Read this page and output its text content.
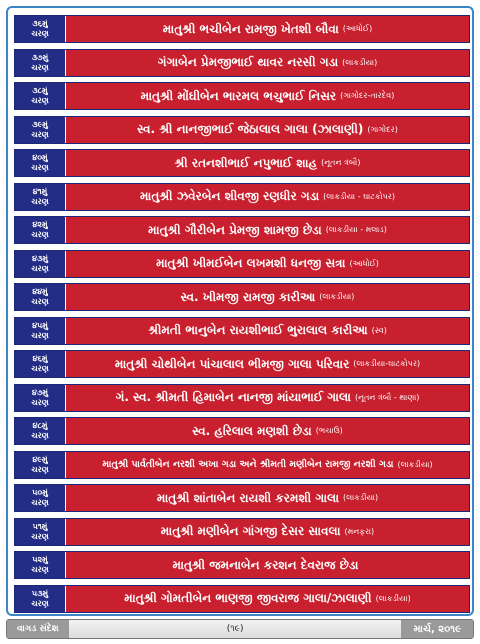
૩૬મું
ચરણ	માતુશ્રી ભચીબેન રામજી ખેતશી બૌવા (આધોઈ)
૩૭મું
ચરણ	ગંગાબેન પ્રેમજીભાઈ થાવર નરસી ગડા (લાકડીયા)
૩૮મું
ચરણ	માતુશ્રી મોંઘીબેન ભારમલ ભચુભાઈ નિસર (ગાગોદર-તારદેવ)
૩૯મું
ચરણ	સ્વ. શ્રી નાનજીભાઈ જેઠાલાલ ગાલા (ઝાલાણી) (ગાગોદર)
૪૦મું
ચરણ	શ્રી રતનશીભાઈ નપુભાઈ શાહ (નૂતન ત્રંબૌ)
૪૧મું
ચરણ	માતુશ્રી ઝવેરબેન શીવજી રણધીર ગડા (લાકડીયા - ઘાટકોપર)
૪૨મું
ચરણ	માતુશ્રી ગૌરીબેન પ્રેમજી શામજી છેડા (લાકડીયા - મલાડ)
૪૩મું
ચરણ	માતુશ્રી ખીમઈબેન લખમશી ધનજી સત્રા (આધોઈ)
૪૪મું
ચરણ	સ્વ. ખીમજી રામજી કારીઆ (લાકડીયા)
૪૫મું
ચરણ	શ્રીમતી ભાનુબેન રાયશીભાઈ ભુરાલાલ કારીઆ (સ્વ)
૪૬મું
ચરણ	માતુશ્રી ચોથીબેન પાંચાલાલ ભીમજી ગાલા પરિવાર (લાકડીયા-ઘાટકોપર)
૪૭મું
ચરણ	ગં. સ્વ. શ્રીમતી હિમાબેન નાનજી માંયાભાઈ ગાલા (નૂતન ત્રંબૌ - થાણા)
૪૮મું
ચરણ	સ્વ. હરિલાલ મણશી છેડા (ભચાઉ)
૪૯મું
ચરણ	માતુશ્રી પાર્વતીબેન નરશી અખા ગડા અને શ્રીમતી મણીબેન રામજી નરશી ગડા (લાકડીયા)
૫૦મું
ચરણ	માતુશ્રી શાંતાબેન રાયશી કરમશી ગાલા (લાકડીયા)
૫૧મું
ચરણ	માતુશ્રી મણીબેન ગાંગજી દેસર સાવલા (મનફરા)
૫૨મું
ચરણ	માતુશ્રી જમનાબેન કરશન દેવરાજ છેડા
૫૩મું
ચરણ	માતુશ્રી ગોમતીબેન ભાણજી જીવરાજ ગાલા/ઝાલાણી (લાકડીયા)
વાગડ સંદેશ	(૧૯)	માર્ચ, ૨૦૧૯
